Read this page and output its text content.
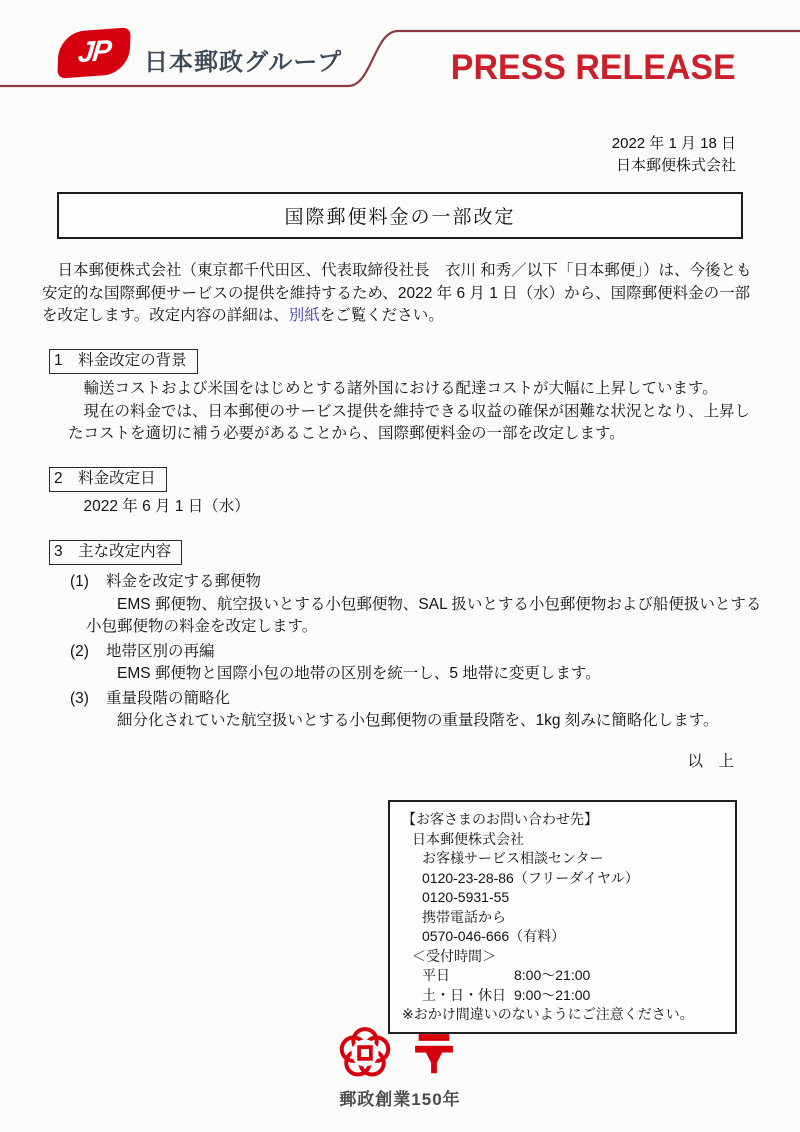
JP 日本郵政グループ	PRESS RELEASE
2022 年 1 月 18 日
日本郵便株式会社
国際郵便料金の一部改定

日本郵便株式会社（東京都千代田区、代表取締役社長　衣川 和秀／以下「日本郵便」）は、今後とも安定的な国際郵便サービスの提供を維持するため、2022 年 6 月 1 日（水）から、国際郵便料金の一部を改定します。改定内容の詳細は、別紙をご覧ください。

1　料金改定の背景

輸送コストおよび米国をはじめとする諸外国における配達コストが大幅に上昇しています。

現在の料金では、日本郵便のサービス提供を維持できる収益の確保が困難な状況となり、上昇したコストを適切に補う必要があることから、国際郵便料金の一部を改定します。

2　料金改定日

2022 年 6 月 1 日（水）

3　主な改定内容
(1)	料金を改定する郵便物

EMS 郵便物、航空扱いとする小包郵便物、SAL 扱いとする小包郵便物および船便扱いとする小包郵便物の料金を改定します。

(2)	地帯区別の再編

EMS 郵便物と国際小包の地帯の区別を統一し、5 地帯に変更します。

(3)	重量段階の簡略化

細分化されていた航空扱いとする小包郵便物の重量段階を、1kg 刻みに簡略化します。

以　上

【お客さまのお問い合わせ先】
日本郵便株式会社
お客様サービス相談センター
0120-23-28-86（フリーダイヤル）
0120-5931-55
携帯電話から
0570-046-666（有料）
＜受付時間＞
平日	8:00～21:00
土・日・休日 9:00～21:00
※おかけ間違いのないようにご注意ください。
郵政創業150年
